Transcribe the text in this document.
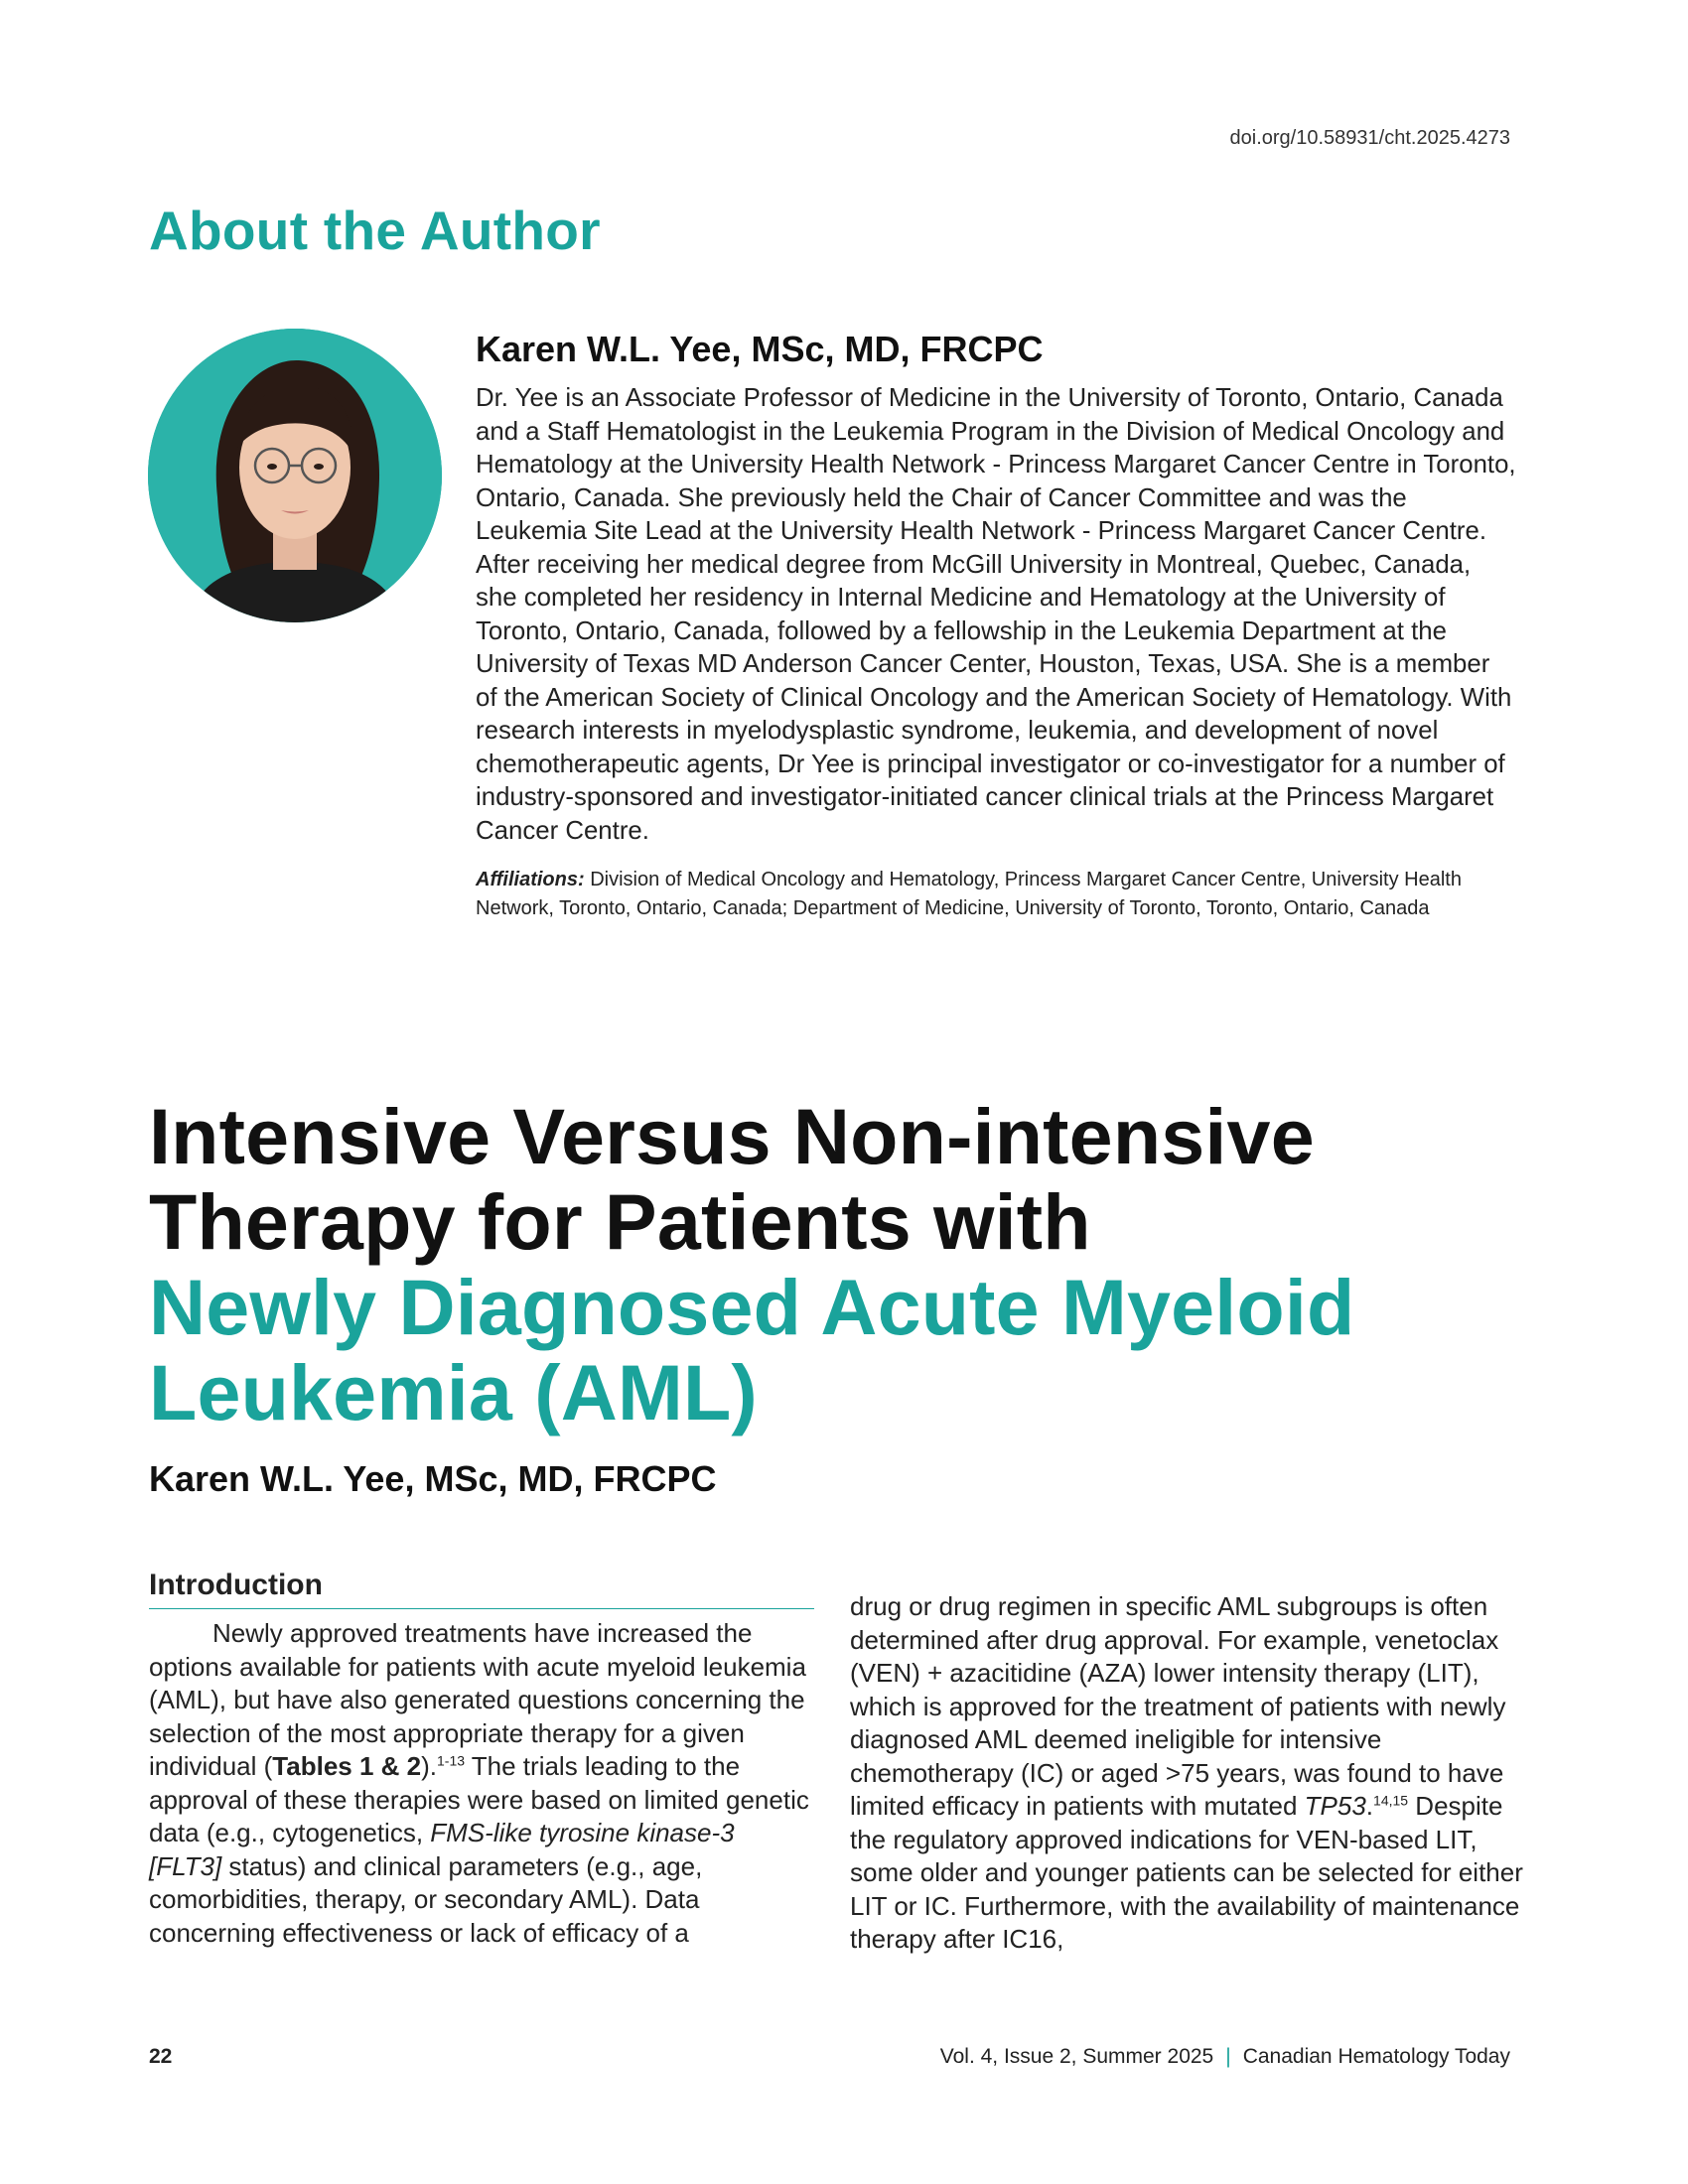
doi.org/10.58931/cht.2025.4273
About the Author
Karen W.L. Yee, MSc, MD, FRCPC

Dr. Yee is an Associate Professor of Medicine in the University of Toronto, Ontario, Canada and a Staff Hematologist in the Leukemia Program in the Division of Medical Oncology and Hematology at the University Health Network - Princess Margaret Cancer Centre in Toronto, Ontario, Canada. She previously held the Chair of Cancer Committee and was the Leukemia Site Lead at the University Health Network - Princess Margaret Cancer Centre. After receiving her medical degree from McGill University in Montreal, Quebec, Canada, she completed her residency in Internal Medicine and Hematology at the University of Toronto, Ontario, Canada, followed by a fellowship in the Leukemia Department at the University of Texas MD Anderson Cancer Center, Houston, Texas, USA. She is a member of the American Society of Clinical Oncology and the American Society of Hematology. With research interests in myelodysplastic syndrome, leukemia, and development of novel chemotherapeutic agents, Dr Yee is principal investigator or co-investigator for a number of industry-sponsored and investigator-initiated cancer clinical trials at the Princess Margaret Cancer Centre.

Affiliations: Division of Medical Oncology and Hematology, Princess Margaret Cancer Centre, University Health Network, Toronto, Ontario, Canada; Department of Medicine, University of Toronto, Toronto, Ontario, Canada

Intensive Versus Non-intensive
Therapy for Patients with
Newly Diagnosed Acute Myeloid
Leukemia (AML)
Karen W.L. Yee, MSc, MD, FRCPC
Introduction

Newly approved treatments have increased the options available for patients with acute myeloid leukemia (AML), but have also generated questions concerning the selection of the most appropriate therapy for a given individual (Tables 1 & 2).$^{1-13}$ The trials leading to the approval of these therapies were based on limited genetic data (e.g., cytogenetics, FMS-like tyrosine kinase-3 [FLT3] status) and clinical parameters (e.g., age, comorbidities, therapy, or secondary AML). Data concerning effectiveness or lack of efficacy of a

drug or drug regimen in specific AML subgroups is often determined after drug approval. For example, venetoclax (VEN) + azacitidine (AZA) lower intensity therapy (LIT), which is approved for the treatment of patients with newly diagnosed AML deemed ineligible for intensive chemotherapy (IC) or aged >75 years, was found to have limited efficacy in patients with mutated TP53.$^{14,15}$ Despite the regulatory approved indications for VEN-based LIT, some older and younger patients can be selected for either LIT or IC. Furthermore, with the availability of maintenance therapy after IC16,

22	Vol. 4, Issue 2, Summer 2025 | Canadian Hematology Today
